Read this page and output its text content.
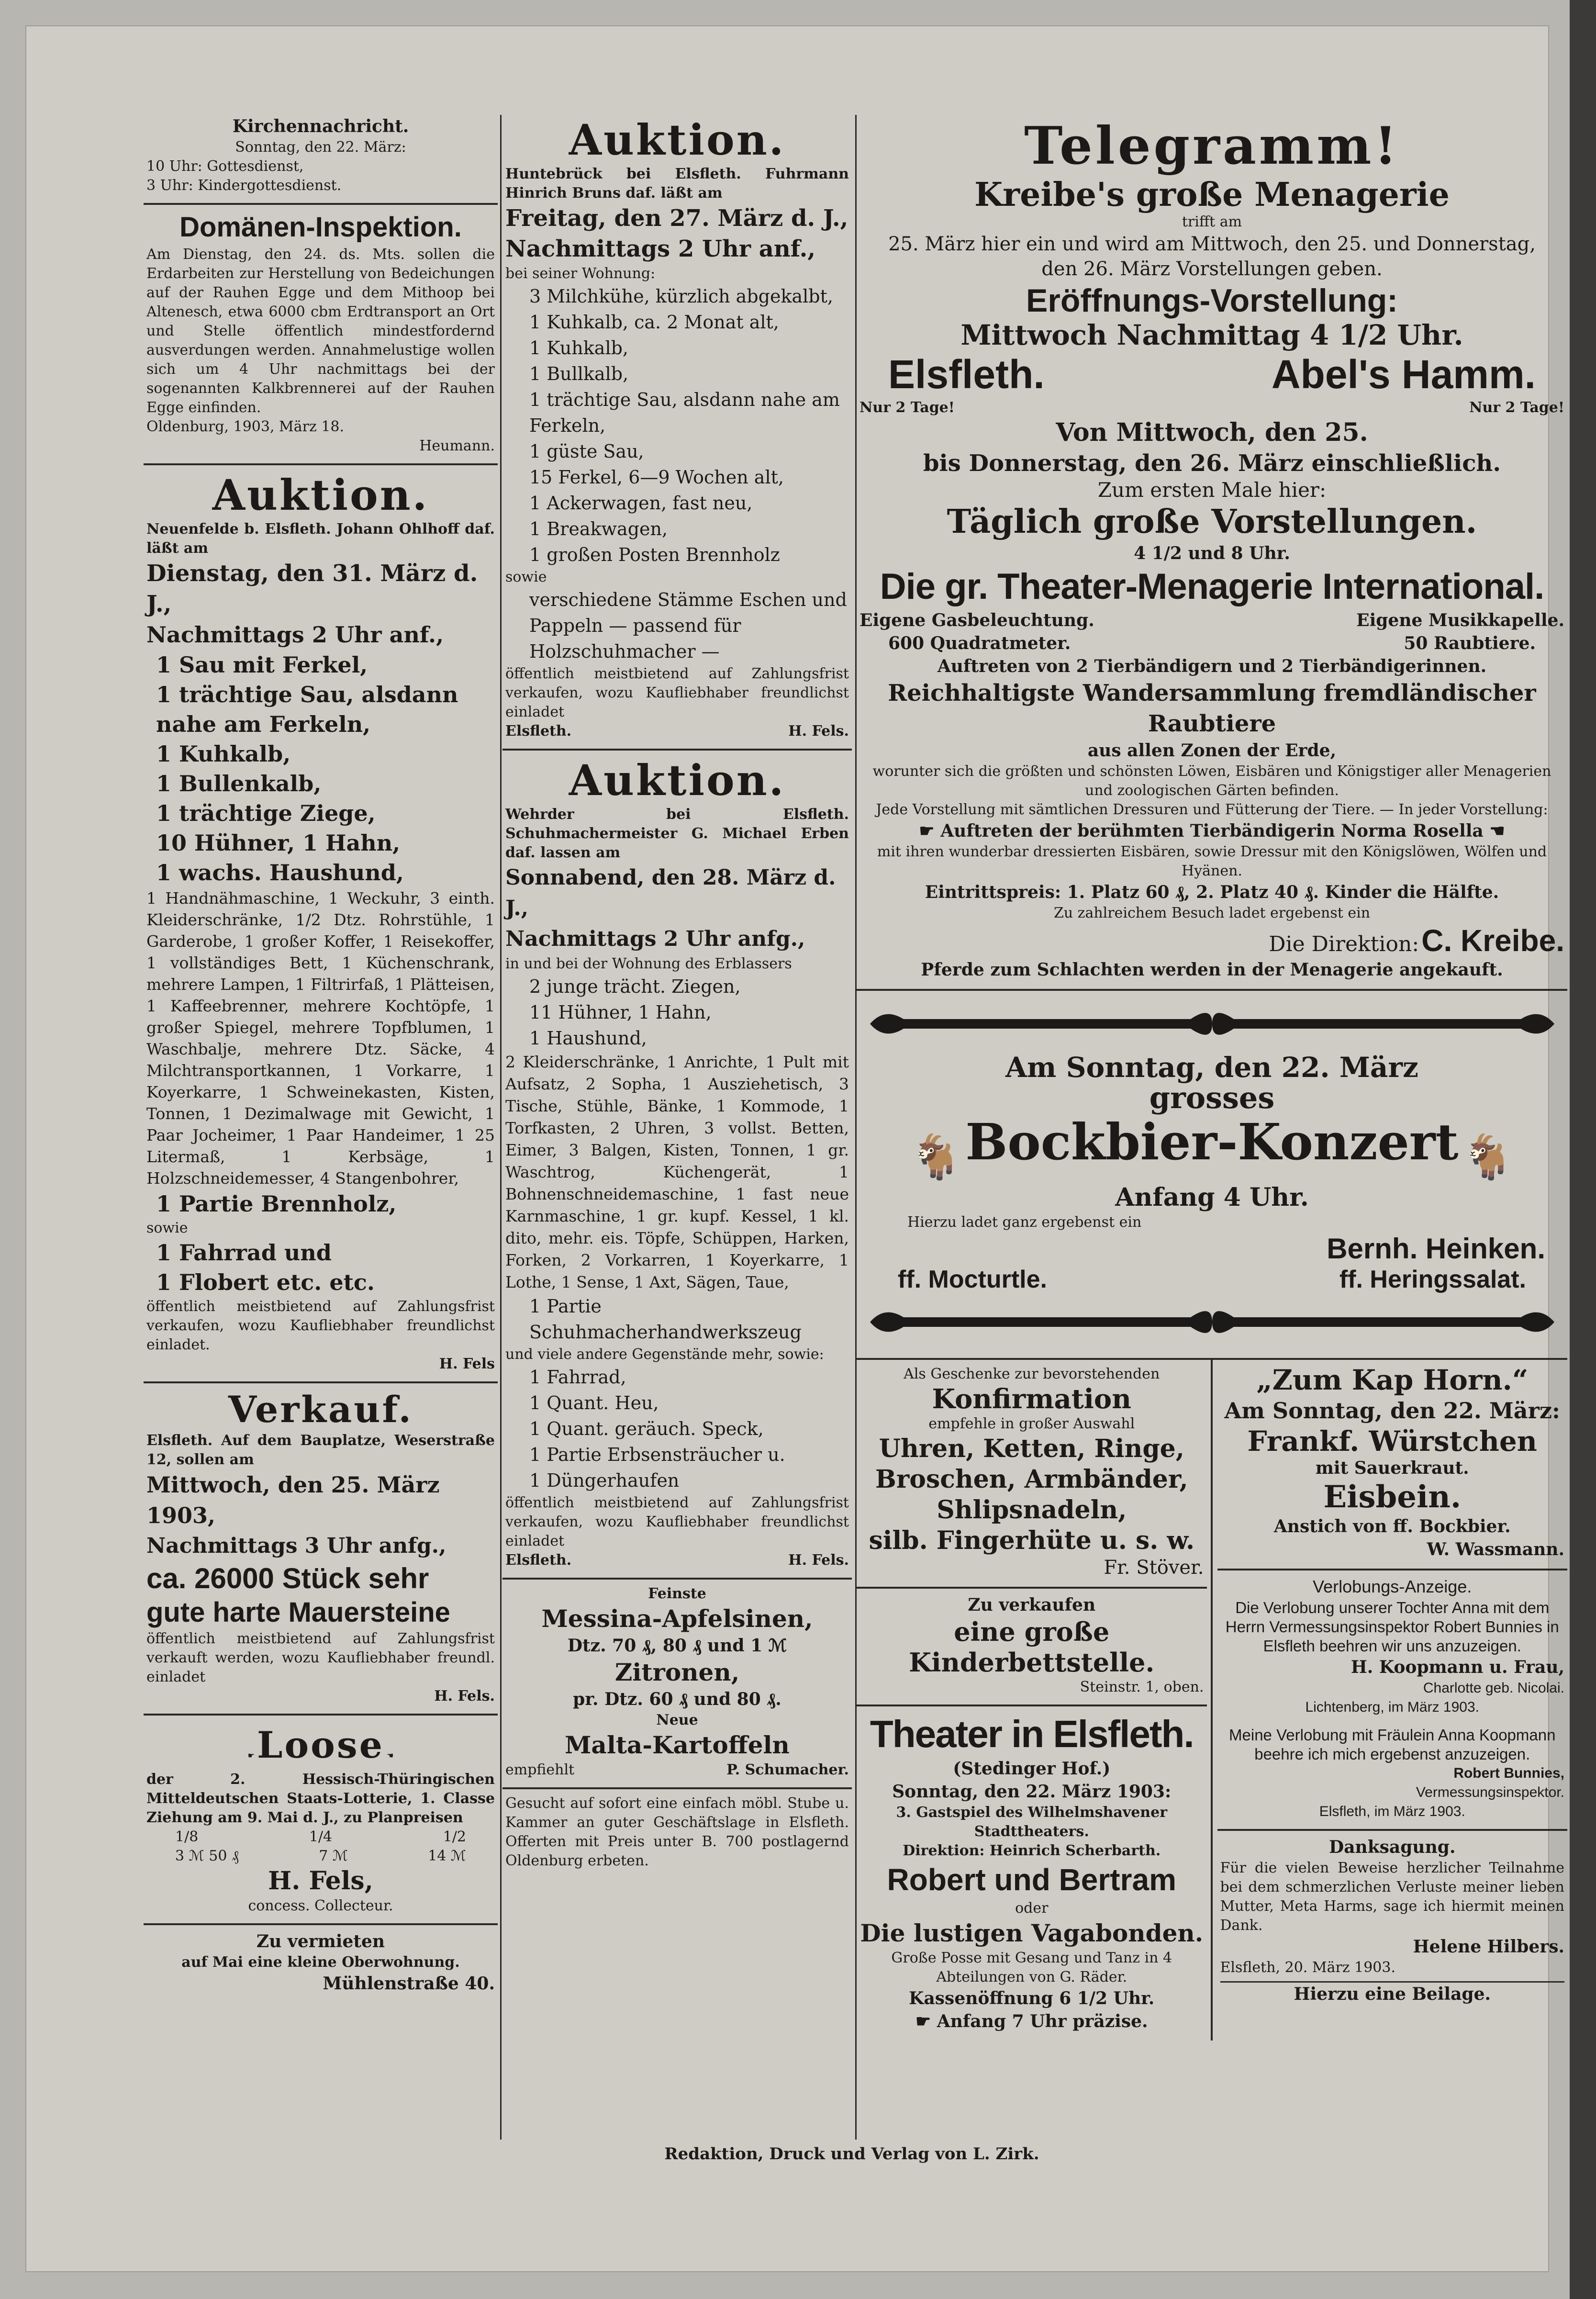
Kirchennachricht.
Sonntag, den 22. März:
10 Uhr: Gottesdienst,
3 Uhr: Kindergottesdienst.
Domänen-Inspektion.
Am Dienstag, den 24. ds. Mts. sollen die Erdarbeiten zur Herstellung von Bedeichungen auf der Rauhen Egge und dem Mithoop bei Altenesch, etwa 6000 cbm Erdtransport an Ort und Stelle öffentlich mindestfordernd ausverdungen werden. Annahmelustige wollen sich um 4 Uhr nachmittags bei der sogenannten Kalkbrennerei auf der Rauhen Egge einfinden.
Oldenburg, 1903, März 18.
Heumann.
Auktion.
Neuenfelde b. Elsfleth. Johann Ohlhoff daf. läßt am
Dienstag, den 31. März d. J.,
Nachmittags 2 Uhr anf.,
1 Sau mit Ferkel,
1 trächtige Sau, alsdann nahe am Ferkeln,
1 Kuhkalb,
1 Bullenkalb,
1 trächtige Ziege,
10 Hühner, 1 Hahn,
1 wachs. Haushund,
1 Handnähmaschine, 1 Weckuhr, 3 einth. Kleiderschränke, 1/2 Dtz. Rohrstühle, 1 Garderobe, 1 großer Koffer, 1 Reisekoffer, 1 vollständiges Bett, 1 Küchenschrank, mehrere Lampen, 1 Filtrirfaß, 1 Plätteisen, 1 Kaffeebrenner, mehrere Kochtöpfe, 1 großer Spiegel, mehrere Topfblumen, 1 Waschbalje, mehrere Dtz. Säcke, 4 Milchtransportkannen, 1 Vorkarre, 1 Koyerkarre, 1 Schweinekasten, Kisten, Tonnen, 1 Dezimalwage mit Gewicht, 1 Paar Jocheimer, 1 Paar Handeimer, 1 25 Litermaß, 1 Kerbsäge, 1 Holzschneidemesser, 4 Stangenbohrer,
1 Partie Brennholz,
sowie
1 Fahrrad und
1 Flobert etc. etc.
öffentlich meistbietend auf Zahlungsfrist verkaufen, wozu Kaufliebhaber freundlichst einladet.
H. Fels
Verkauf.
Elsfleth. Auf dem Bauplatze, Weserstraße 12, sollen am
Mittwoch, den 25. März 1903,
Nachmittags 3 Uhr anfg.,
ca. 26000 Stück sehr
gute harte Mauersteine
öffentlich meistbietend auf Zahlungsfrist verkauft werden, wozu Kaufliebhaber freundl. einladet
H. Fels.
☛ Loose ☚
der 2. Hessisch-Thüringischen Mitteldeutschen Staats-Lotterie, 1. Classe Ziehung am 9. Mai d. J., zu Planpreisen
1/8	1/4	1/2
3 ℳ 50 ₰	7 ℳ	14 ℳ
H. Fels,
concess. Collecteur.
Zu vermieten
auf Mai eine kleine Oberwohnung.
Mühlenstraße 40.
Auktion.
Huntebrück bei Elsfleth. Fuhrmann Hinrich Bruns daf. läßt am
Freitag, den 27. März d. J.,
Nachmittags 2 Uhr anf.,
bei seiner Wohnung:
3 Milchkühe, kürzlich abgekalbt,
1 Kuhkalb, ca. 2 Monat alt,
1 Kuhkalb,
1 Bullkalb,
1 trächtige Sau, alsdann nahe am Ferkeln,
1 güste Sau,
15 Ferkel, 6—9 Wochen alt,
1 Ackerwagen, fast neu,
1 Breakwagen,
1 großen Posten Brennholz
sowie
verschiedene Stämme Eschen und Pappeln — passend für Holzschuhmacher —
öffentlich meistbietend auf Zahlungsfrist verkaufen, wozu Kaufliebhaber freundlichst einladet
Elsfleth.	H. Fels.
Auktion.
Wehrder bei Elsfleth. Schuhmachermeister G. Michael Erben daf. lassen am
Sonnabend, den 28. März d. J.,
Nachmittags 2 Uhr anfg.,
in und bei der Wohnung des Erblassers
2 junge trächt. Ziegen,
11 Hühner, 1 Hahn,
1 Haushund,
2 Kleiderschränke, 1 Anrichte, 1 Pult mit Aufsatz, 2 Sopha, 1 Ausziehetisch, 3 Tische, Stühle, Bänke, 1 Kommode, 1 Torfkasten, 2 Uhren, 3 vollst. Betten, Eimer, 3 Balgen, Kisten, Tonnen, 1 gr. Waschtrog, Küchengerät, 1 Bohnenschneidemaschine, 1 fast neue Karnmaschine, 1 gr. kupf. Kessel, 1 kl. dito, mehr. eis. Töpfe, Schüppen, Harken, Forken, 2 Vorkarren, 1 Koyerkarre, 1 Lothe, 1 Sense, 1 Axt, Sägen, Taue,
1 Partie Schuhmacherhandwerkszeug
und viele andere Gegenstände mehr, sowie:
1 Fahrrad,
1 Quant. Heu,
1 Quant. geräuch. Speck,
1 Partie Erbsensträucher u.
1 Düngerhaufen
öffentlich meistbietend auf Zahlungsfrist verkaufen, wozu Kaufliebhaber freundlichst einladet
Elsfleth.	H. Fels.
Feinste
Messina-Apfelsinen,
Dtz. 70 ₰, 80 ₰ und 1 ℳ
Zitronen,
pr. Dtz. 60 ₰ und 80 ₰.
Neue
Malta-Kartoffeln
empfiehlt	P. Schumacher.
Gesucht auf sofort eine einfach möbl. Stube u. Kammer an guter Geschäftslage in Elsfleth. Offerten mit Preis unter B. 700 postlagernd Oldenburg erbeten.
Telegramm!
Kreibe's große Menagerie
trifft am
25. März hier ein und wird am Mittwoch, den 25. und Donnerstag, den 26. März Vorstellungen geben.
Eröffnungs-Vorstellung:
Mittwoch Nachmittag 4 1/2 Uhr.
Elsfleth.	Abel's Hamm.
Nur 2 Tage!	Nur 2 Tage!
Von Mittwoch, den 25.
bis Donnerstag, den 26. März einschließlich.
Zum ersten Male hier:
Täglich große Vorstellungen.
4 1/2 und 8 Uhr.
Die gr. Theater-Menagerie International.
Eigene Gasbeleuchtung.	Eigene Musikkapelle.
600 Quadratmeter.	50 Raubtiere.
Auftreten von 2 Tierbändigern und 2 Tierbändigerinnen.
Reichhaltigste Wandersammlung fremdländischer Raubtiere
aus allen Zonen der Erde,
worunter sich die größten und schönsten Löwen, Eisbären und Königstiger aller Menagerien und zoologischen Gärten befinden.
Jede Vorstellung mit sämtlichen Dressuren und Fütterung der Tiere. — In jeder Vorstellung:
☛ Auftreten der berühmten Tierbändigerin Norma Rosella ☚
mit ihren wunderbar dressierten Eisbären, sowie Dressur mit den Königslöwen, Wölfen und Hyänen.
Eintrittspreis: 1. Platz 60 ₰, 2. Platz 40 ₰. Kinder die Hälfte.
Zu zahlreichem Besuch ladet ergebenst ein
Die Direktion: C. Kreibe.
Pferde zum Schlachten werden in der Menagerie angekauft.
Am Sonntag, den 22. März
grosses
🐐 Bockbier-Konzert 🐐
Anfang 4 Uhr.
Hierzu ladet ganz ergebenst ein
Bernh. Heinken.
ff. Mocturtle.	ff. Heringssalat.
Als Geschenke zur bevorstehenden
Konfirmation
empfehle in großer Auswahl
Uhren, Ketten, Ringe,
Broschen, Armbänder,
Shlipsnadeln,
silb. Fingerhüte u. s. w.
Fr. Stöver.
Zu verkaufen
eine große Kinderbettstelle.
Steinstr. 1, oben.
Theater in Elsfleth.
(Stedinger Hof.)
Sonntag, den 22. März 1903:
3. Gastspiel des Wilhelmshavener Stadttheaters.
Direktion: Heinrich Scherbarth.
Robert und Bertram
oder
Die lustigen Vagabonden.
Große Posse mit Gesang und Tanz in 4 Abteilungen von G. Räder.
Kassenöffnung 6 1/2 Uhr.
☛ Anfang 7 Uhr präzise.
„Zum Kap Horn.“
Am Sonntag, den 22. März:
Frankf. Würstchen
mit Sauerkraut.
Eisbein.
Anstich von ff. Bockbier.
W. Wassmann.
Verlobungs-Anzeige.
Die Verlobung unserer Tochter Anna mit dem Herrn Vermessungsinspektor Robert Bunnies in Elsfleth beehren wir uns anzuzeigen.
H. Koopmann u. Frau,
Charlotte geb. Nicolai.
Lichtenberg, im März 1903.
Meine Verlobung mit Fräulein Anna Koopmann beehre ich mich ergebenst anzuzeigen.
Robert Bunnies,
Vermessungsinspektor.
Elsfleth, im März 1903.
Danksagung.
Für die vielen Beweise herzlicher Teilnahme bei dem schmerzlichen Verluste meiner lieben Mutter, Meta Harms, sage ich hiermit meinen Dank.
Helene Hilbers.
Elsfleth, 20. März 1903.
Hierzu eine Beilage.
Redaktion, Druck und Verlag von L. Zirk.
